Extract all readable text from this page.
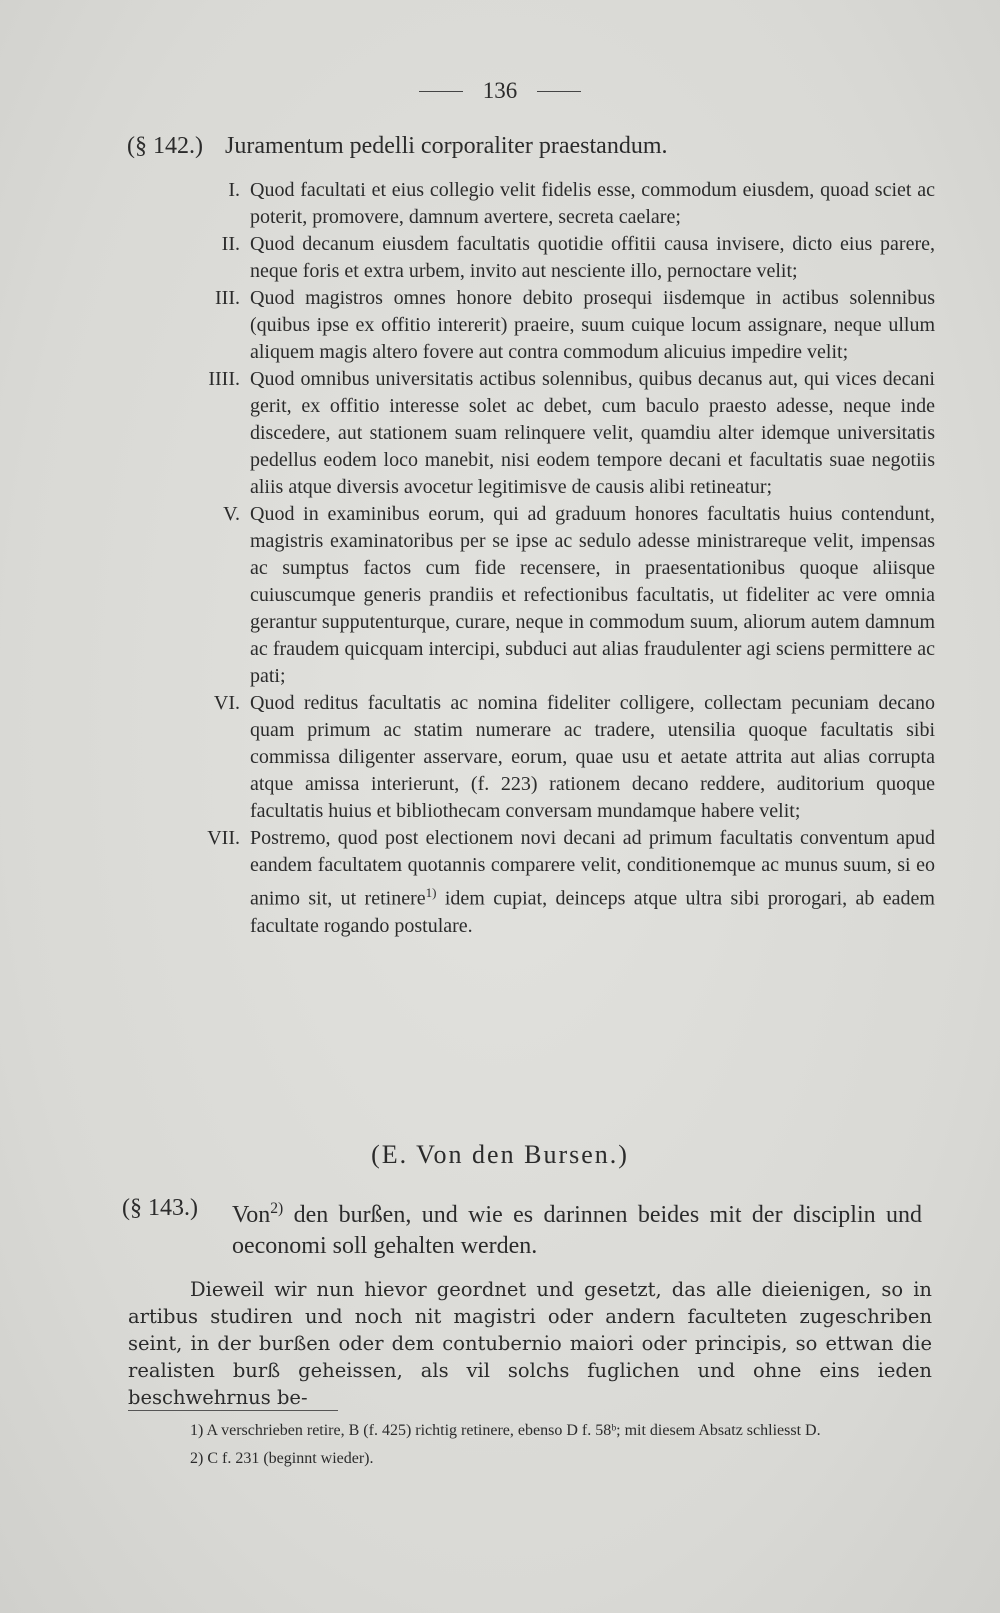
136
(§ 142.) Juramentum pedelli corporaliter praestandum.
I. Quod facultati et eius collegio velit fidelis esse, commodum eiusdem, quoad sciet ac poterit, promovere, damnum avertere, secreta caelare;
II. Quod decanum eiusdem facultatis quotidie offitii causa invisere, dicto eius parere, neque foris et extra urbem, invito aut nesciente illo, pernoctare velit;
III. Quod magistros omnes honore debito prosequi iisdemque in actibus solennibus (quibus ipse ex offitio intererit) praeire, suum cuique locum assignare, neque ullum aliquem magis altero fovere aut contra commodum alicuius impedire velit;
IIII. Quod omnibus universitatis actibus solennibus, quibus decanus aut, qui vices decani gerit, ex offitio interesse solet ac debet, cum baculo praesto adesse, neque inde discedere, aut stationem suam relinquere velit, quamdiu alter idemque universitatis pedellus eodem loco manebit, nisi eodem tempore decani et facultatis suae negotiis aliis atque diversis avocetur legitimisve de causis alibi retineatur;
V. Quod in examinibus eorum, qui ad graduum honores facultatis huius contendunt, magistris examinatoribus per se ipse ac sedulo adesse ministrareque velit, impensas ac sumptus factos cum fide recensere, in praesentationibus quoque aliisque cuiuscumque generis prandiis et refectionibus facultatis, ut fideliter ac vere omnia gerantur supputenturque, curare, neque in commodum suum, aliorum autem damnum ac fraudem quicquam intercipi, subduci aut alias fraudulenter agi sciens permittere ac pati;
VI. Quod reditus facultatis ac nomina fideliter colligere, collectam pecuniam decano quam primum ac statim numerare ac tradere, utensilia quoque facultatis sibi commissa diligenter asservare, eorum, quae usu et aetate attrita aut alias corrupta atque amissa interierunt, (f. 223) rationem decano reddere, auditorium quoque facultatis huius et bibliothecam conversam mundamque habere velit;
VII. Postremo, quod post electionem novi decani ad primum facultatis conventum apud eandem facultatem quotannis comparere velit, conditionemque ac munus suum, si eo animo sit, ut retinere$^{1)}$ idem cupiat, deinceps atque ultra sibi prorogari, ab eadem facultate rogando postulare.
(E. Von den Bursen.)
(§ 143.)	Von$^{2)}$ den burßen, und wie es darinnen beides mit der disciplin und oeconomi soll gehalten werden.
Dieweil wir nun hievor geordnet und gesetzt, das alle dieienigen, so in artibus studiren und noch nit magistri oder andern faculteten zugeschriben seint, in der burßen oder dem contubernio maiori oder principis, so ettwan die realisten burß geheissen, als vil solchs fuglichen und ohne eins ieden beschwehrnus be-
1) A verschrieben retire, B (f. 425) richtig retinere, ebenso D f. 58ᵇ; mit diesem Absatz schliesst D.
2) C f. 231 (beginnt wieder).
